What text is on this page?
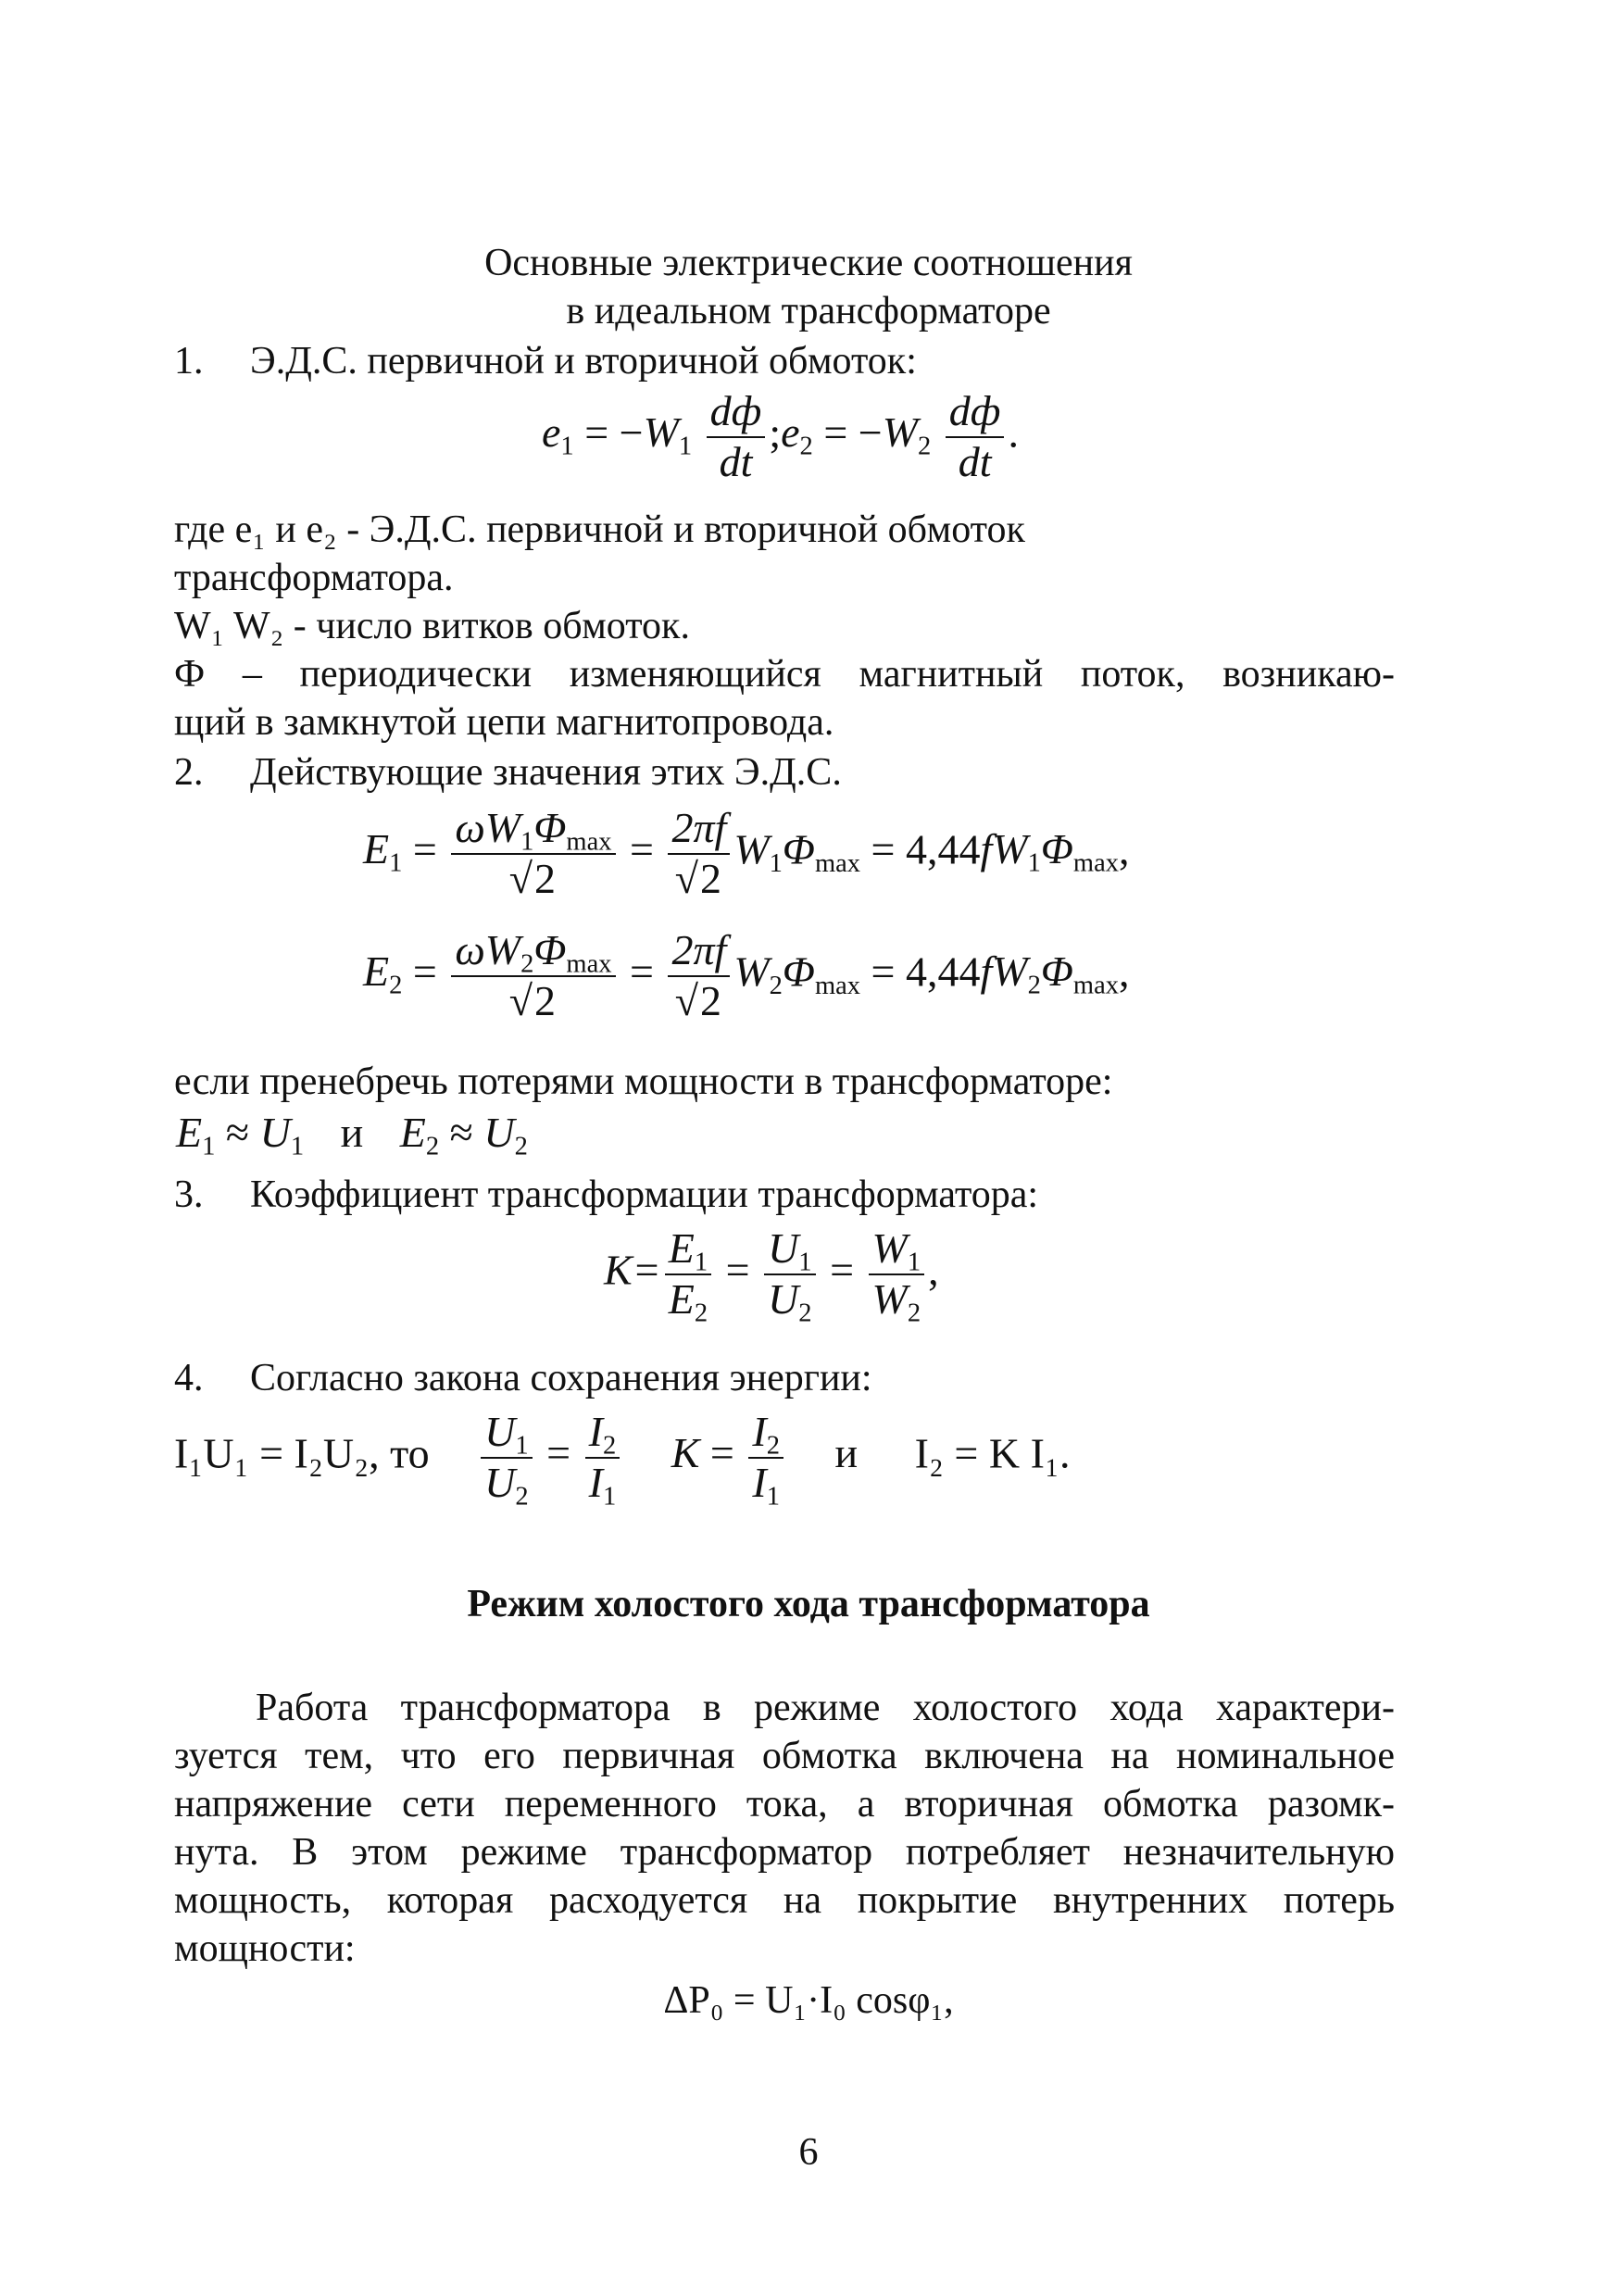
Основные электрические соотношения
в идеальном трансформаторе
1. Э.Д.С. первичной и вторичной обмоток:
$e_1 = -W_1 \frac{dф}{dt}$ $;e_2 = -W_2 \frac{dф}{dt}$ .
где e₁ и e₂ - Э.Д.С. первичной и вторичной обмоток
трансформатора.
W₁ W₂ - число витков обмоток.
Ф – периодически изменяющийся магнитный поток, возникаю-
щий в замкнутой цепи магнитопровода.
2. Действующие значения этих Э.Д.С.
$E_1 = \frac{\omega W_1\Phi_{max}}{√2} = \frac{2\pi f}{√2} W_1\Phi_{max} = 4,44fW_1\Phi_{max}$,
$E_2 = \frac{\omega W_2\Phi_{max}}{√2} = \frac{2\pi f}{√2} W_2\Phi_{max} = 4,44fW_2\Phi_{max}$,
если пренебречь потерями мощности в трансформаторе:
$E_1 \approx U_1$ и $E_2 \approx U_2$
3. Коэффициент трансформации трансформатора:
$K= \frac{E_1}{E_2} = \frac{U_1}{U_2} = \frac{W_1}{W_2}$ ,
4. Согласно закона сохранения энергии:
I₁U₁ = I₂U₂, то $\frac{U_1}{U_2} = \frac{I_2}{I_1}$ $K = \frac{I_2}{I_1}$ и I₂ = K I₁.
Режим холостого хода трансформатора
Работа трансформатора в режиме холостого хода характери-
зуется тем, что его первичная обмотка включена на номинальное
напряжение сети переменного тока, а вторичная обмотка разомк-
нута. В этом режиме трансформатор потребляет незначительную
мощность, которая расходуется на покрытие внутренних потерь
мощности:
ΔP₀ = U₁·I₀ cosφ₁,
6
